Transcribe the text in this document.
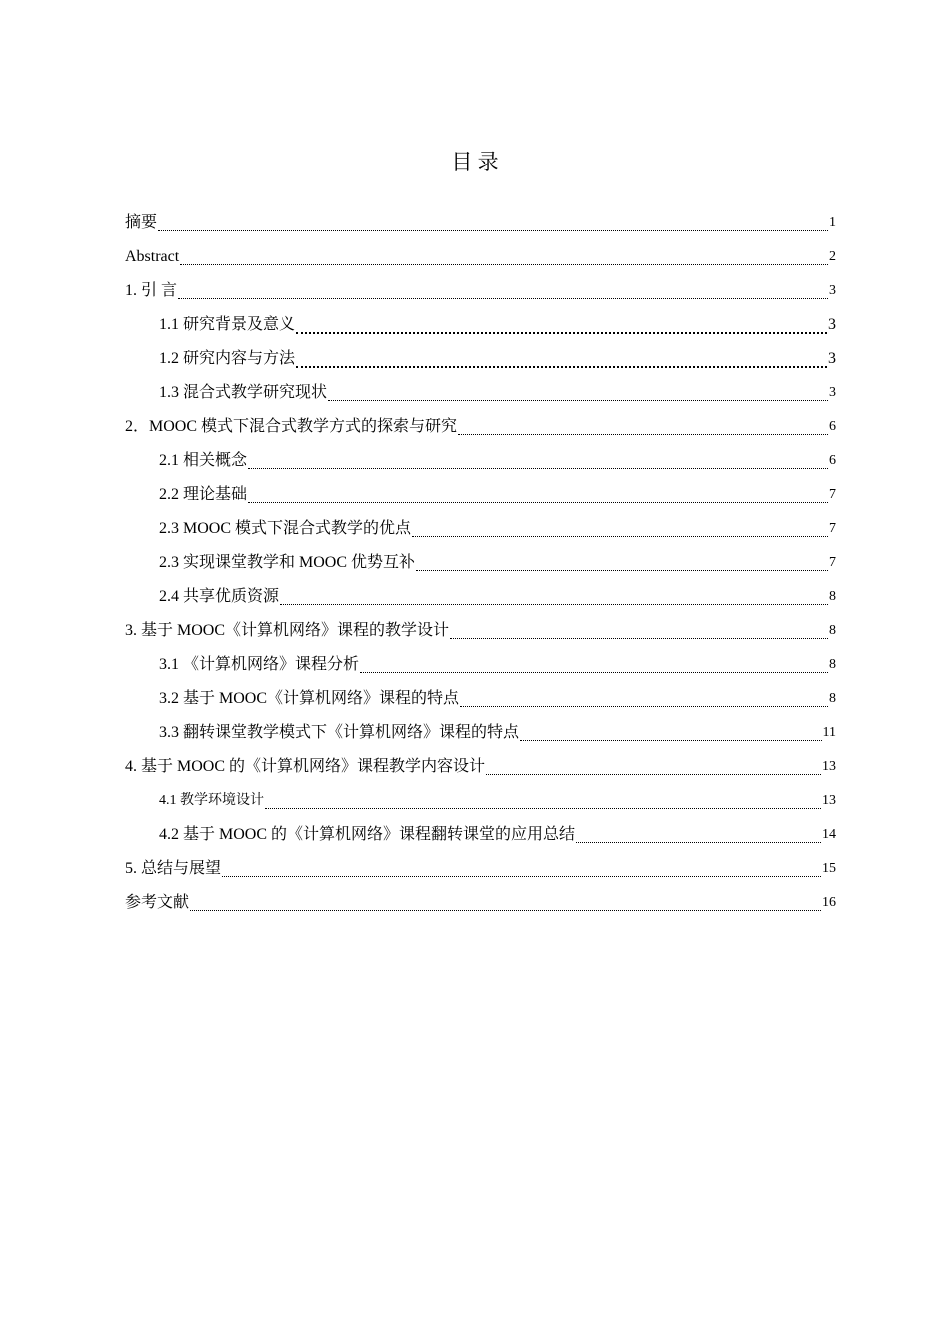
目 录
摘要	1
Abstract	2
1. 引 言	3
1.1 研究背景及意义	3
1.2 研究内容与方法	3
1.3 混合式教学研究现状	3
2．MOOC 模式下混合式教学方式的探索与研究	6
2.1 相关概念	6
2.2 理论基础	7
2.3 MOOC 模式下混合式教学的优点	7
2.3 实现课堂教学和 MOOC 优势互补	7
2.4 共享优质资源	8
3. 基于 MOOC《计算机网络》课程的教学设计	8
3.1 《计算机网络》课程分析	8
3.2 基于 MOOC《计算机网络》课程的特点	8
3.3 翻转课堂教学模式下《计算机网络》课程的特点	11
4. 基于 MOOC 的《计算机网络》课程教学内容设计	13
4.1 教学环境设计	13
4.2 基于 MOOC 的《计算机网络》课程翻转课堂的应用总结	14
5. 总结与展望	15
参考文献	16
